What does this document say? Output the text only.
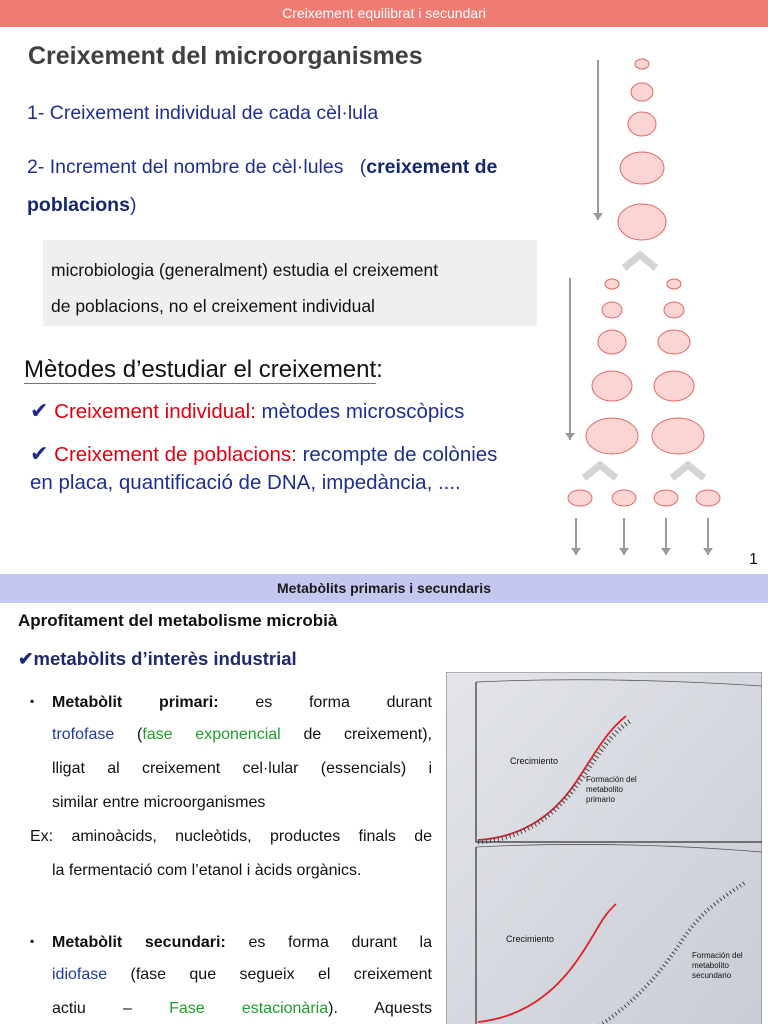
Creixement equilibrat i secundari
Creixement del microorganismes
1- Creixement individual de cada cèl·lula
2- Increment del nombre de cèl·lules   (creixement de poblacions)
microbiologia (generalment) estudia el creixement
de poblacions, no el creixement individual
Mètodes d’estudiar el creixement:
✔ Creixement individual: mètodes microscòpics
✔ Creixement de poblacions: recompte de colònies en placa, quantificació de DNA, impedància, ....
1
Metabòlits primaris i secundaris
Aprofitament del metabolisme microbià
✔metabòlits d’interès industrial
▪ Metabòlit primari: es forma durant
trofofase (fase exponencial de creixement),
lligat al creixement cel·lular (essencials) i
similar entre microorganismes
Ex: aminoàcids, nucleòtids, productes finals de
la fermentació com l’etanol i àcids orgànics.
▪ Metabòlit secundari: es forma durant la
idiofase (fase que segueix el creixement
actiu – Fase estacionària). Aquests
Crecimiento
Formación del
metabolito
primario
Crecimiento
Formación del
metabolito
secundario
